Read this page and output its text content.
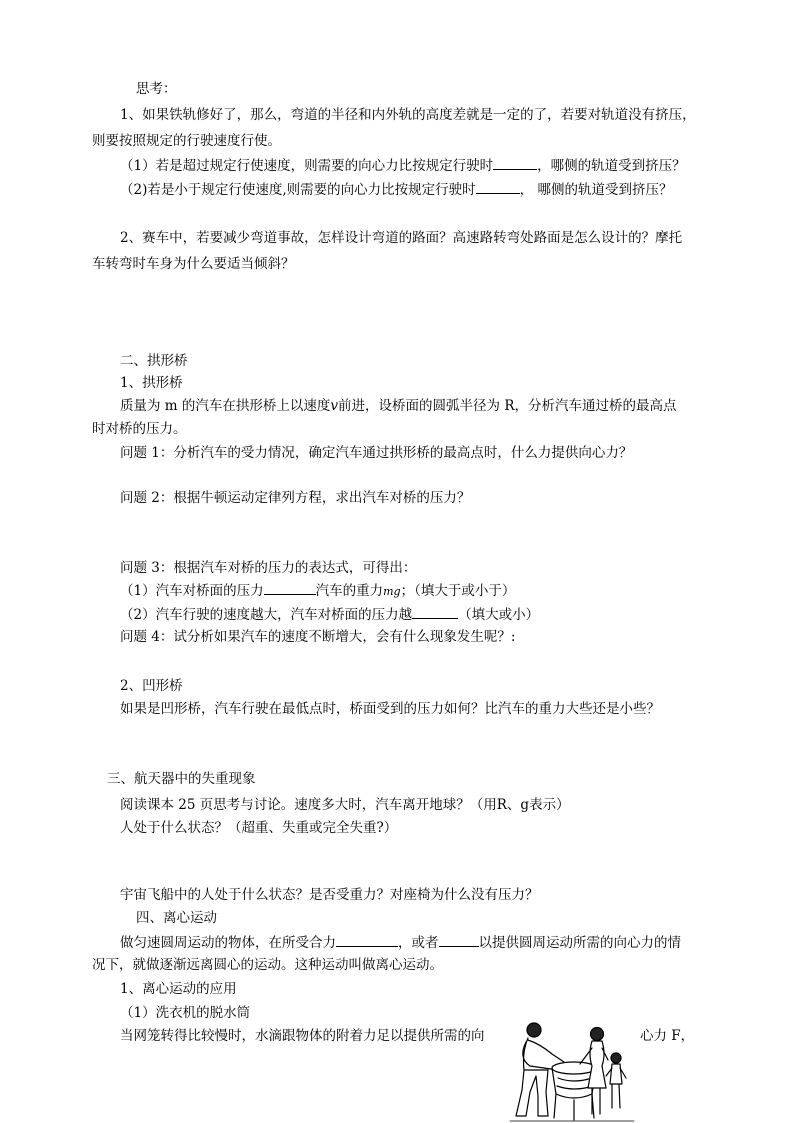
思考：
1、如果铁轨修好了，那么，弯道的半径和内外轨的高度差就是一定的了，若要对轨道没有挤压，
则要按照规定的行驶速度行使。
（1）若是超过规定行使速度，则需要的向心力比按规定行驶时	，哪侧的轨道受到挤压？
（2)若是小于规定行使速度,则需要的向心力比按规定行驶时	， 哪侧的轨道受到挤压？
2、赛车中，若要减少弯道事故，怎样设计弯道的路面？高速路转弯处路面是怎么设计的？摩托
车转弯时车身为什么要适当倾斜？
二、拱形桥
1、拱形桥
质量为 m 的汽车在拱形桥上以速度v前进，设桥面的圆弧半径为 R，分析汽车通过桥的最高点
时对桥的压力。
问题 1：分析汽车的受力情况，确定汽车通过拱形桥的最高点时，什么力提供向心力？
问题 2：根据牛顿运动定律列方程，求出汽车对桥的压力？
问题 3：根据汽车对桥的压力的表达式，可得出：
（1）汽车对桥面的压力	汽车的重力mg；（填大于或小于）
（2）汽车行驶的速度越大，汽车对桥面的压力越	（填大或小）
问题 4：试分析如果汽车的速度不断增大，会有什么现象发生呢？:
2、凹形桥
如果是凹形桥，汽车行驶在最低点时，桥面受到的压力如何？比汽车的重力大些还是小些？
三、航天器中的失重现象
阅读课本 25 页思考与讨论。速度多大时，汽车离开地球？（用R、g表示）
人处于什么状态？（超重、失重或完全失重?）
宇宙飞船中的人处于什么状态？是否受重力？对座椅为什么没有压力？
四、离心运动
做匀速圆周运动的物体，在所受合力	，或者	以提供圆周运动所需的向心力的情
况下，就做逐渐远离圆心的运动。这种运动叫做离心运动。
1、离心运动的应用
（1）洗衣机的脱水筒
当网笼转得比较慢时，水滴跟物体的附着力足以提供所需的向	心力 F，
